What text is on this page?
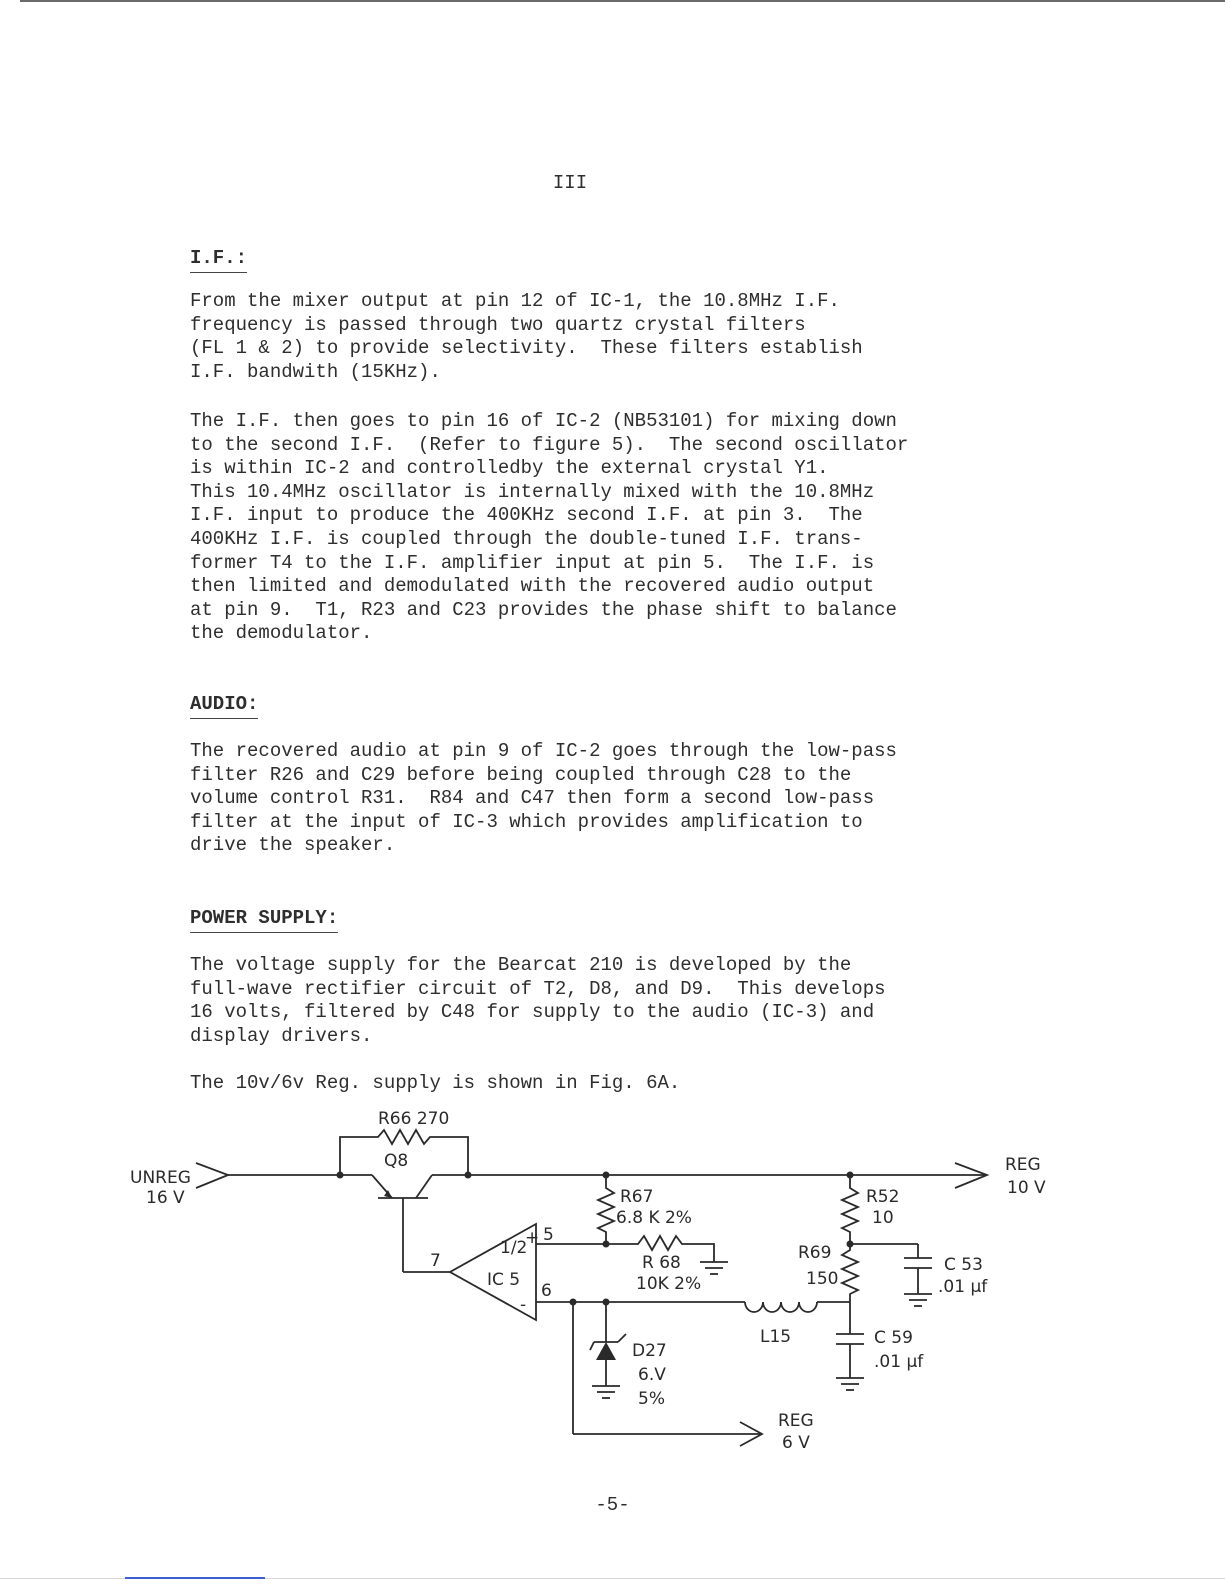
III
I.F.:

From the mixer output at pin 12 of IC-1, the 10.8MHz I.F.
frequency is passed through two quartz crystal filters
(FL 1 & 2) to provide selectivity.  These filters establish
I.F. bandwith (15KHz).

The I.F. then goes to pin 16 of IC-2 (NB53101) for mixing down
to the second I.F.  (Refer to figure 5).  The second oscillator
is within IC-2 and controlledby the external crystal Y1.
This 10.4MHz oscillator is internally mixed with the 10.8MHz
I.F. input to produce the 400KHz second I.F. at pin 3.  The
400KHz I.F. is coupled through the double-tuned I.F. trans-
former T4 to the I.F. amplifier input at pin 5.  The I.F. is
then limited and demodulated with the recovered audio output
at pin 9.  T1, R23 and C23 provides the phase shift to balance
the demodulator.

AUDIO:

The recovered audio at pin 9 of IC-2 goes through the low-pass
filter R26 and C29 before being coupled through C28 to the
volume control R31.  R84 and C47 then form a second low-pass
filter at the input of IC-3 which provides amplification to
drive the speaker.

POWER SUPPLY:

The voltage supply for the Bearcat 210 is developed by the
full-wave rectifier circuit of T2, D8, and D9.  This develops
16 volts, filtered by C48 for supply to the audio (IC-3) and
display drivers.

The 10v/6v Reg. supply is shown in Fig. 6A.

UNREG
16 V
R66 270
Q8	REG
10 V
R67
6.8 K 2%
1/2
IC 5
+
-
5
6
7	R 68
10K 2%
R52
10
C 53
.01 µf
R69
150
L15	C 59
.01 µf
D27
6.V
5%
REG
6 V
-5-
